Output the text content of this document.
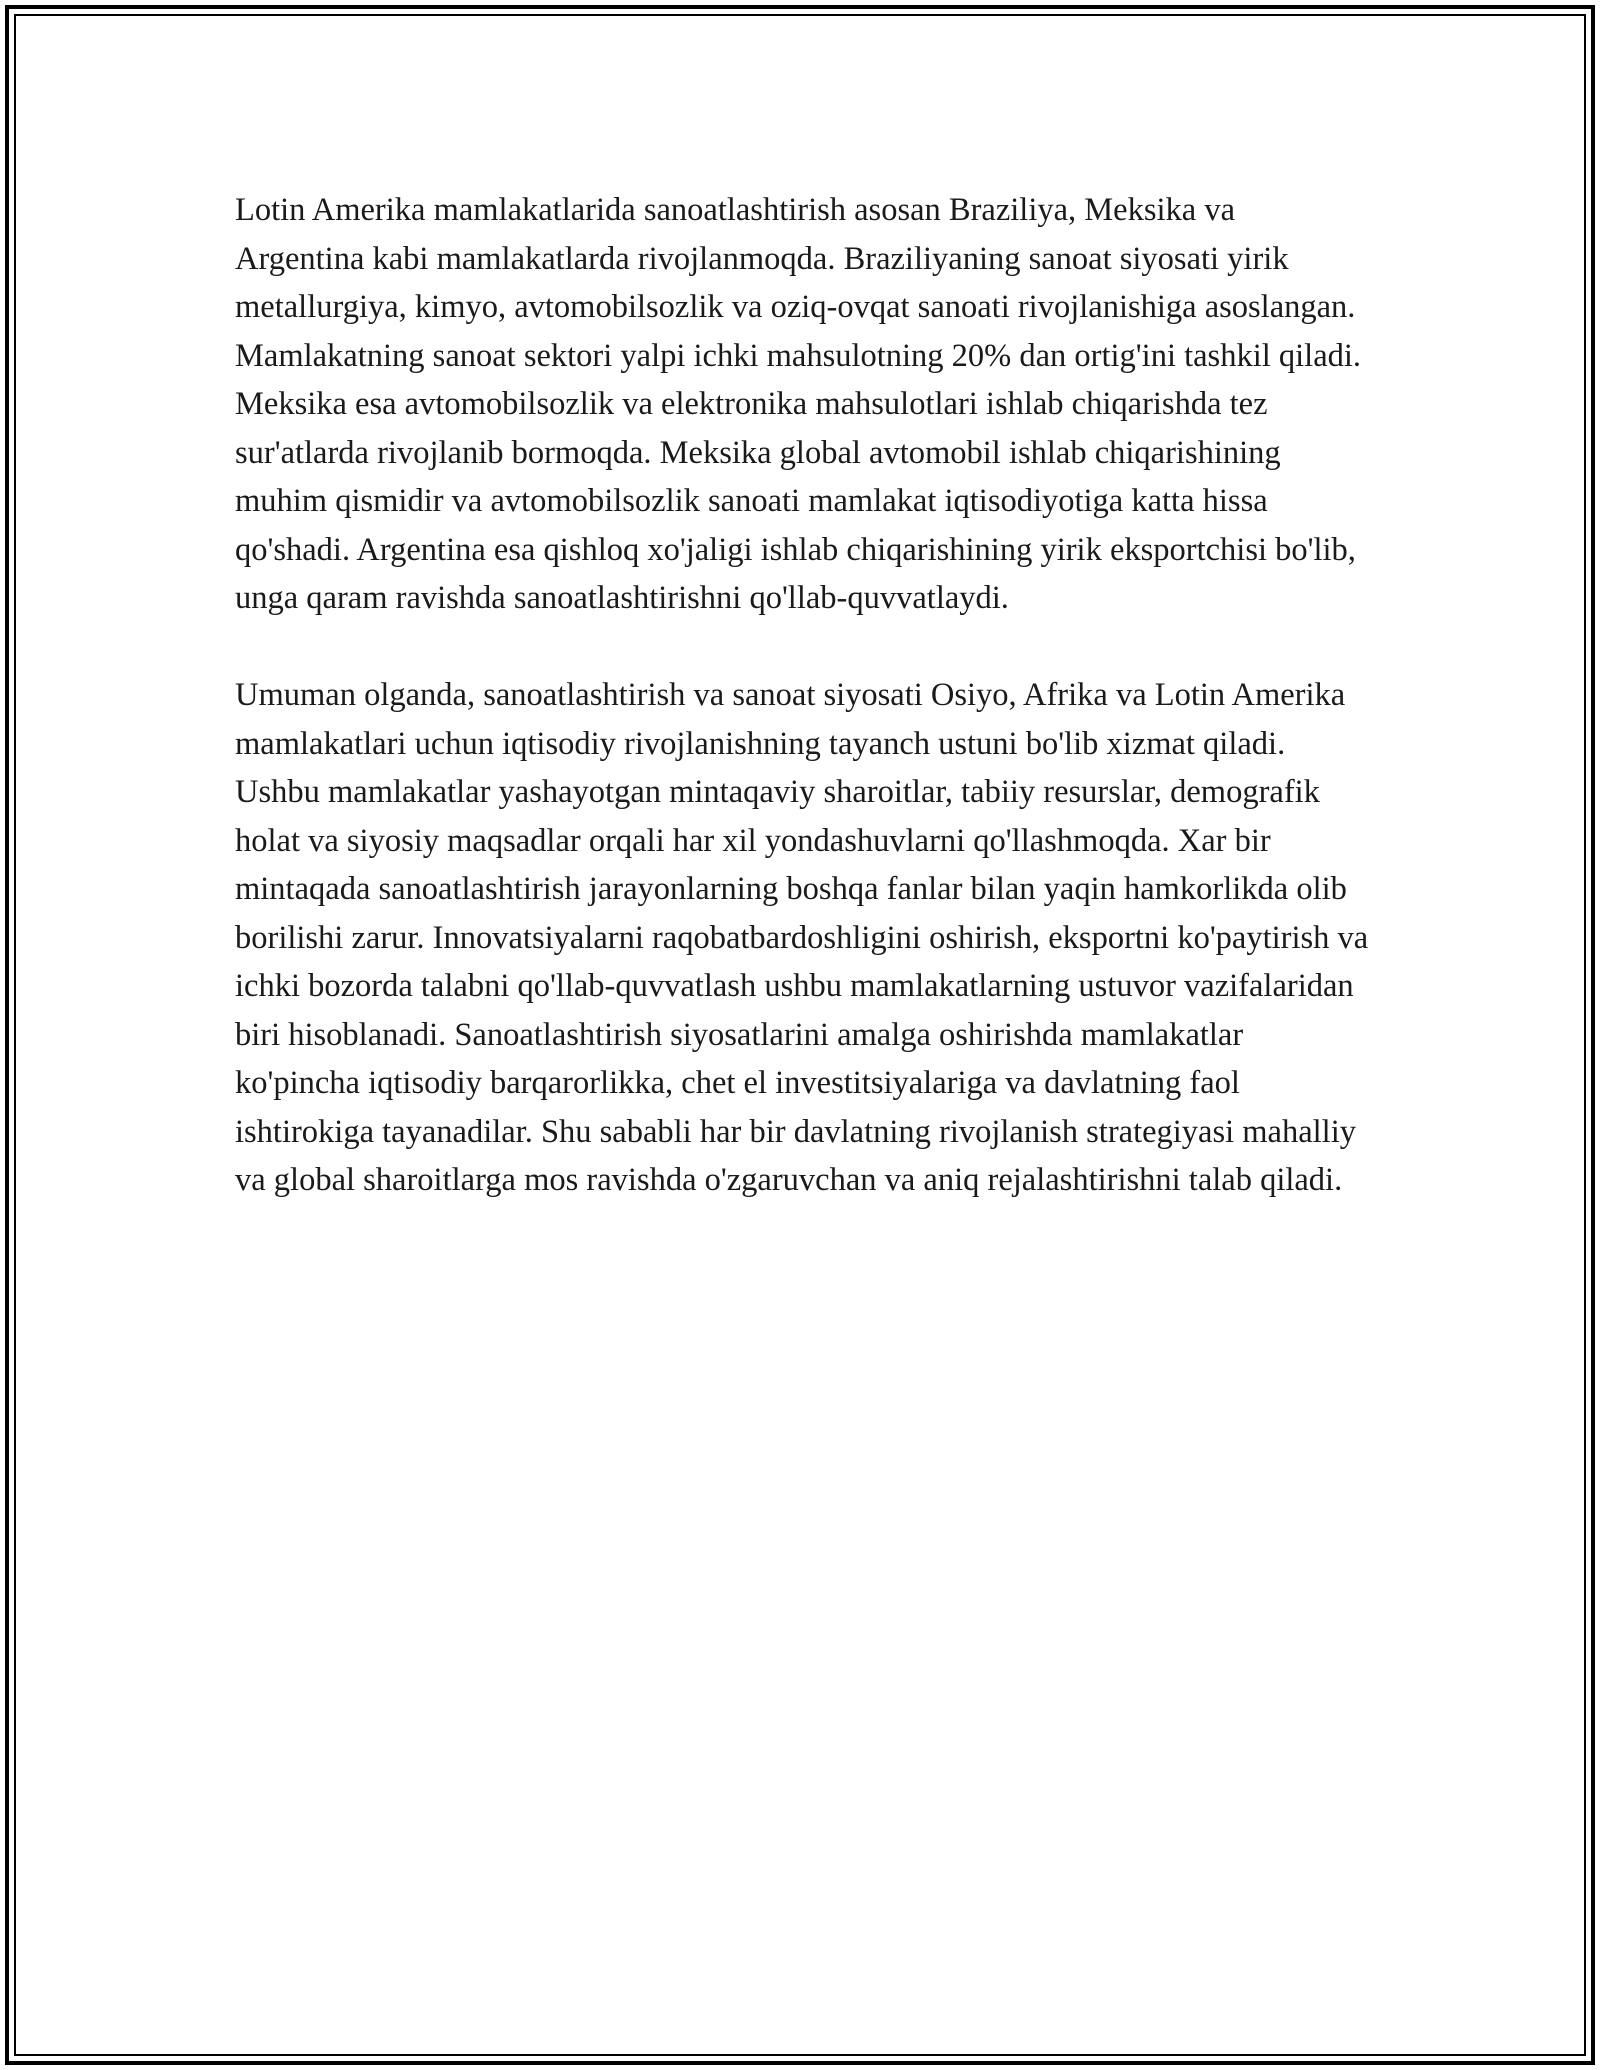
Lotin Amerika mamlakatlarida sanoatlashtirish asosan Braziliya, Meksika va Argentina kabi mamlakatlarda rivojlanmoqda. Braziliyaning sanoat siyosati yirik metallurgiya, kimyo, avtomobilsozlik va oziq-ovqat sanoati rivojlanishiga asoslangan. Mamlakatning sanoat sektori yalpi ichki mahsulotning 20% dan ortig'ini tashkil qiladi. Meksika esa avtomobilsozlik va elektronika mahsulotlari ishlab chiqarishda tez sur'atlarda rivojlanib bormoqda. Meksika global avtomobil ishlab chiqarishining muhim qismidir va avtomobilsozlik sanoati mamlakat iqtisodiyotiga katta hissa qo'shadi. Argentina esa qishloq xo'jaligi ishlab chiqarishining yirik eksportchisi bo'lib, unga qaram ravishda sanoatlashtirishni qo'llab-quvvatlaydi.

Umuman olganda, sanoatlashtirish va sanoat siyosati Osiyo, Afrika va Lotin Amerika mamlakatlari uchun iqtisodiy rivojlanishning tayanch ustuni bo'lib xizmat qiladi. Ushbu mamlakatlar yashayotgan mintaqaviy sharoitlar, tabiiy resurslar, demografik holat va siyosiy maqsadlar orqali har xil yondashuvlarni qo'llashmoqda. Xar bir mintaqada sanoatlashtirish jarayonlarning boshqa fanlar bilan yaqin hamkorlikda olib borilishi zarur. Innovatsiyalarni raqobatbardoshligini oshirish, eksportni ko'paytirish va ichki bozorda talabni qo'llab-quvvatlash ushbu mamlakatlarning ustuvor vazifalaridan biri hisoblanadi. Sanoatlashtirish siyosatlarini amalga oshirishda mamlakatlar ko'pincha iqtisodiy barqarorlikka, chet el investitsiyalariga va davlatning faol ishtirokiga tayanadilar. Shu sababli har bir davlatning rivojlanish strategiyasi mahalliy va global sharoitlarga mos ravishda o'zgaruvchan va aniq rejalashtirishni talab qiladi.
